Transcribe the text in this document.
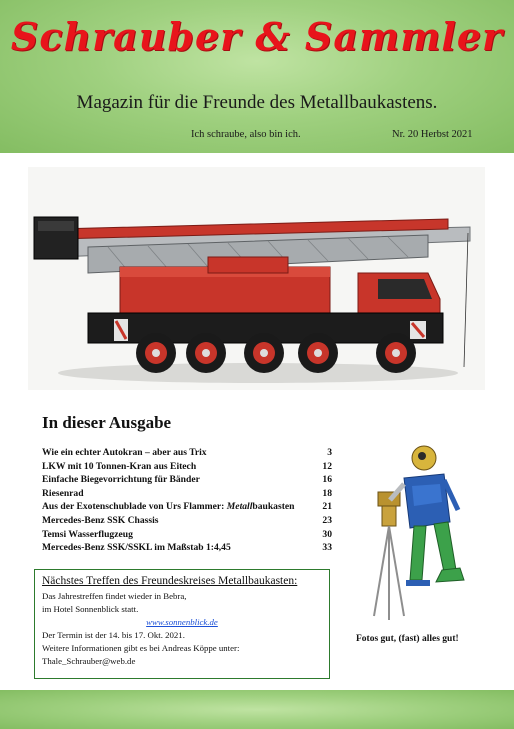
Schrauber & Sammler
Magazin für die Freunde des Metallbaukastens.
Ich schraube, also bin ich.	Nr. 20 Herbst 2021
In dieser Ausgabe
Wie ein echter Autokran – aber aus Trix	3
LKW mit 10 Tonnen-Kran aus Eitech	12
Einfache Biegevorrichtung für Bänder	16
Riesenrad	18
Aus der Exotenschublade von Urs Flammer: Metallbaukasten	21
Mercedes-Benz SSK Chassis	23
Temsi Wasserflugzeug	30
Mercedes-Benz SSK/SSKL im Maßstab 1:4,45	33
Fotos gut, (fast) alles gut!
Nächstes Treffen des Freundeskreises Metallbaukasten:
Das Jahrestreffen findet wieder in Bebra,
im Hotel Sonnenblick statt.
www.sonnenblick.de
Der Termin ist der 14. bis 17. Okt. 2021.
Weitere Informationen gibt es bei Andreas Köppe unter:
Thale_Schrauber@web.de
